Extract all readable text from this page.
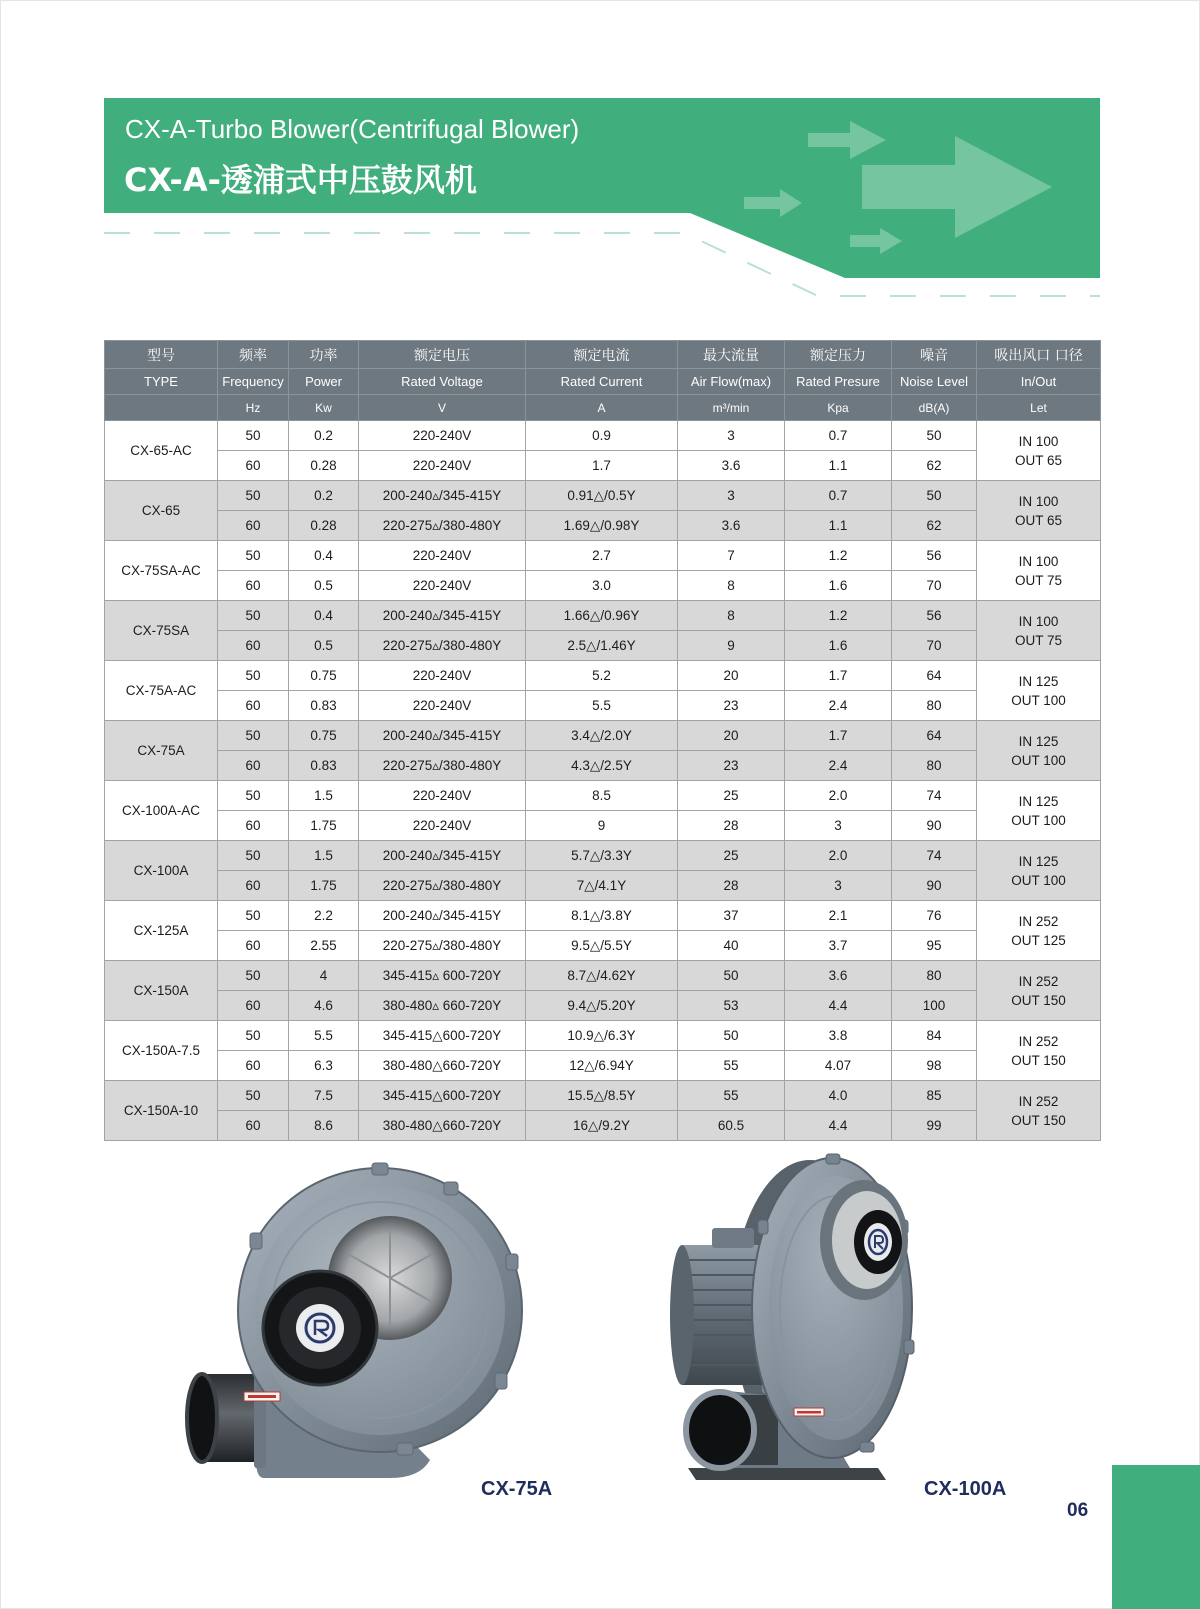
CX-A-Turbo Blower(Centrifugal Blower)
CX-A-透浦式中压鼓风机
型号	频率	功率	额定电压	额定电流	最大流量	额定压力	噪音	吸出风口 口径
TYPE	Frequency	Power	Rated Voltage	Rated Current	Air Flow(max)	Rated Presure	Noise Level	In/Out
	Hz	Kw	V	A	m³/min	Kpa	dB(A)	Let
CX-65-AC	50	0.2	220-240V	0.9	3	0.7	50	IN 100
OUT 65

	60	0.28	220-240V	1.7	3.6	1.1	62	
CX-65	50	0.2	200-240▵/345-415Y	0.91△/0.5Y	3	0.7	50	IN 100
OUT 65

	60	0.28	220-275▵/380-480Y	1.69△/0.98Y	3.6	1.1	62	
CX-75SA-AC	50	0.4	220-240V	2.7	7	1.2	56	IN 100
OUT 75

	60	0.5	220-240V	3.0	8	1.6	70	
CX-75SA	50	0.4	200-240▵/345-415Y	1.66△/0.96Y	8	1.2	56	IN 100
OUT 75

	60	0.5	220-275▵/380-480Y	2.5△/1.46Y	9	1.6	70	
CX-75A-AC	50	0.75	220-240V	5.2	20	1.7	64	IN 125
OUT 100

	60	0.83	220-240V	5.5	23	2.4	80	
CX-75A	50	0.75	200-240▵/345-415Y	3.4△/2.0Y	20	1.7	64	IN 125
OUT 100

	60	0.83	220-275▵/380-480Y	4.3△/2.5Y	23	2.4	80	
CX-100A-AC	50	1.5	220-240V	8.5	25	2.0	74	IN 125
OUT 100

	60	1.75	220-240V	9	28	3	90	
CX-100A	50	1.5	200-240▵/345-415Y	5.7△/3.3Y	25	2.0	74	IN 125
OUT 100

	60	1.75	220-275▵/380-480Y	7△/4.1Y	28	3	90	
CX-125A	50	2.2	200-240▵/345-415Y	8.1△/3.8Y	37	2.1	76	IN 252
OUT 125

	60	2.55	220-275▵/380-480Y	9.5△/5.5Y	40	3.7	95	
CX-150A	50	4	345-415▵ 600-720Y	8.7△/4.62Y	50	3.6	80	IN 252
OUT 150

	60	4.6	380-480▵ 660-720Y	9.4△/5.20Y	53	4.4	100	
CX-150A-7.5	50	5.5	345-415△600-720Y	10.9△/6.3Y	50	3.8	84	IN 252
OUT 150

	60	6.3	380-480△660-720Y	12△/6.94Y	55	4.07	98	
CX-150A-10	50	7.5	345-415△600-720Y	15.5△/8.5Y	55	4.0	85	IN 252
OUT 150

	60	8.6	380-480△660-720Y	16△/9.2Y	60.5	4.4	99	
CX-75A	CX-100A
06
